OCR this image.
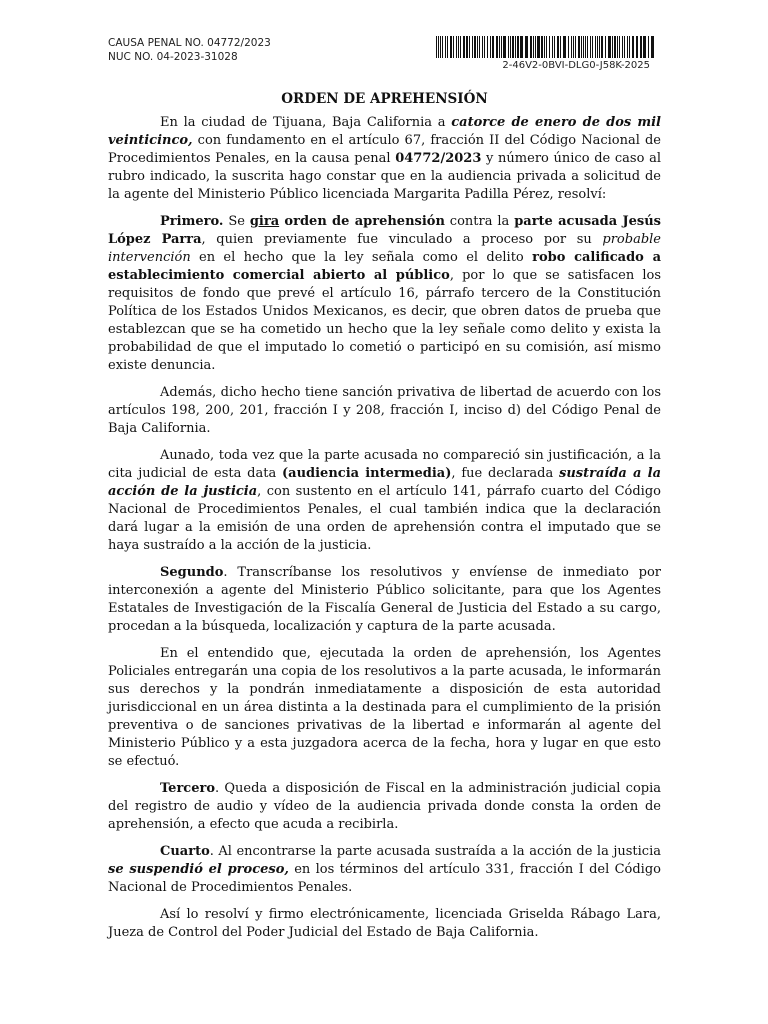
CAUSA PENAL NO. 04772/2023
NUC NO. 04-2023-31028
2-46V2-0BVI-DLG0-J58K-2025
ORDEN DE APREHENSIÓN

En la ciudad de Tijuana, Baja California a catorce de enero de dos mil veinticinco, con fundamento en el artículo 67, fracción II del Código Nacional de Procedimientos Penales, en la causa penal 04772/2023 y número único de caso al rubro indicado, la suscrita hago constar que en la audiencia privada a solicitud de la agente del Ministerio Público licenciada Margarita Padilla Pérez, resolví:

Primero. Se gira orden de aprehensión contra la parte acusada Jesús López Parra, quien previamente fue vinculado a proceso por su probable intervención en el hecho que la ley señala como el delito robo calificado a establecimiento comercial abierto al público, por lo que se satisfacen los requisitos de fondo que prevé el artículo 16, párrafo tercero de la Constitución Política de los Estados Unidos Mexicanos, es decir, que obren datos de prueba que establezcan que se ha cometido un hecho que la ley señale como delito y exista la probabilidad de que el imputado lo cometió o participó en su comisión, así mismo existe denuncia.

Además, dicho hecho tiene sanción privativa de libertad de acuerdo con los artículos 198, 200, 201, fracción I y 208, fracción I, inciso d) del Código Penal de Baja California.

Aunado, toda vez que la parte acusada no compareció sin justificación, a la cita judicial de esta data (audiencia intermedia), fue declarada sustraída a la acción de la justicia, con sustento en el artículo 141, párrafo cuarto del Código Nacional de Procedimientos Penales, el cual también indica que la declaración dará lugar a la emisión de una orden de aprehensión contra el imputado que se haya sustraído a la acción de la justicia.

Segundo. Transcríbanse los resolutivos y envíense de inmediato por interconexión a agente del Ministerio Público solicitante, para que los Agentes Estatales de Investigación de la Fiscalía General de Justicia del Estado a su cargo, procedan a la búsqueda, localización y captura de la parte acusada.

En el entendido que, ejecutada la orden de aprehensión, los Agentes Policiales entregarán una copia de los resolutivos a la parte acusada, le informarán sus derechos y la pondrán inmediatamente a disposición de esta autoridad jurisdiccional en un área distinta a la destinada para el cumplimiento de la prisión preventiva o de sanciones privativas de la libertad e informarán al agente del Ministerio Público y a esta juzgadora acerca de la fecha, hora y lugar en que esto se efectuó.

Tercero. Queda a disposición de Fiscal en la administración judicial copia del registro de audio y vídeo de la audiencia privada donde consta la orden de aprehensión, a efecto que acuda a recibirla.

Cuarto. Al encontrarse la parte acusada sustraída a la acción de la justicia se suspendió el proceso, en los términos del artículo 331, fracción I del Código Nacional de Procedimientos Penales.

Así lo resolví y firmo electrónicamente, licenciada Griselda Rábago Lara, Jueza de Control del Poder Judicial del Estado de Baja California.
